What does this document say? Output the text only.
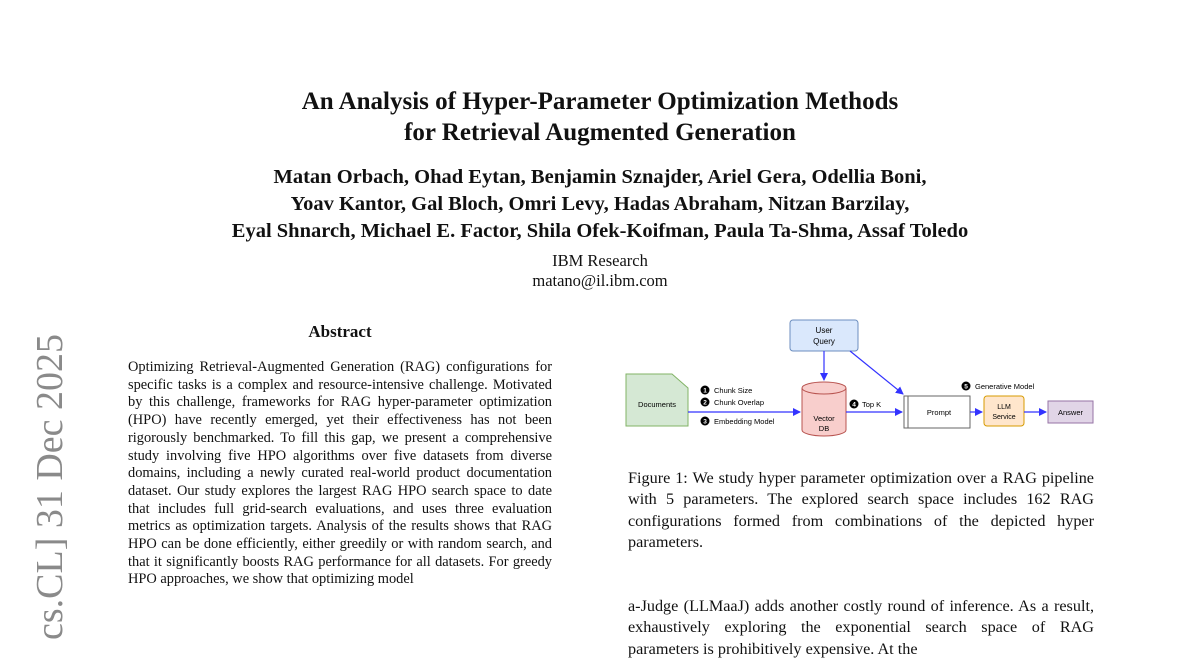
cs.CL] 31 Dec 2025
An Analysis of Hyper-Parameter Optimization Methods
for Retrieval Augmented Generation
Matan Orbach, Ohad Eytan, Benjamin Sznajder, Ariel Gera, Odellia Boni,
Yoav Kantor, Gal Bloch, Omri Levy, Hadas Abraham, Nitzan Barzilay,
Eyal Shnarch, Michael E. Factor, Shila Ofek-Koifman, Paula Ta-Shma, Assaf Toledo
IBM Research
matano@il.ibm.com
Abstract
Optimizing Retrieval-Augmented Generation (RAG) configurations for specific tasks is a complex and resource-intensive challenge. Motivated by this challenge, frameworks for RAG hyper-parameter optimization (HPO) have recently emerged, yet their effectiveness has not been rigorously benchmarked. To fill this gap, we present a comprehensive study involving five HPO algorithms over five datasets from diverse domains, including a newly curated real-world product documentation dataset. Our study explores the largest RAG HPO search space to date that includes full grid-search evaluations, and uses three evaluation metrics as optimization targets. Analysis of the results shows that RAG HPO can be done efficiently, either greedily or with random search, and that it significantly boosts RAG performance for all datasets. For greedy HPO approaches, we show that optimizing model
User
Query
Documents
Vector
DB
Prompt
LLM
Service
Answer
1 Chunk Size
2 Chunk Overlap
3 Embedding Model
4 Top K
5 Generative Model
Figure 1: We study hyper parameter optimization over a RAG pipeline with 5 parameters. The explored search space includes 162 RAG configurations formed from combinations of the depicted hyper parameters.
a-Judge (LLMaaJ) adds another costly round of inference. As a result, exhaustively exploring the exponential search space of RAG parameters is prohibitively expensive. At the
